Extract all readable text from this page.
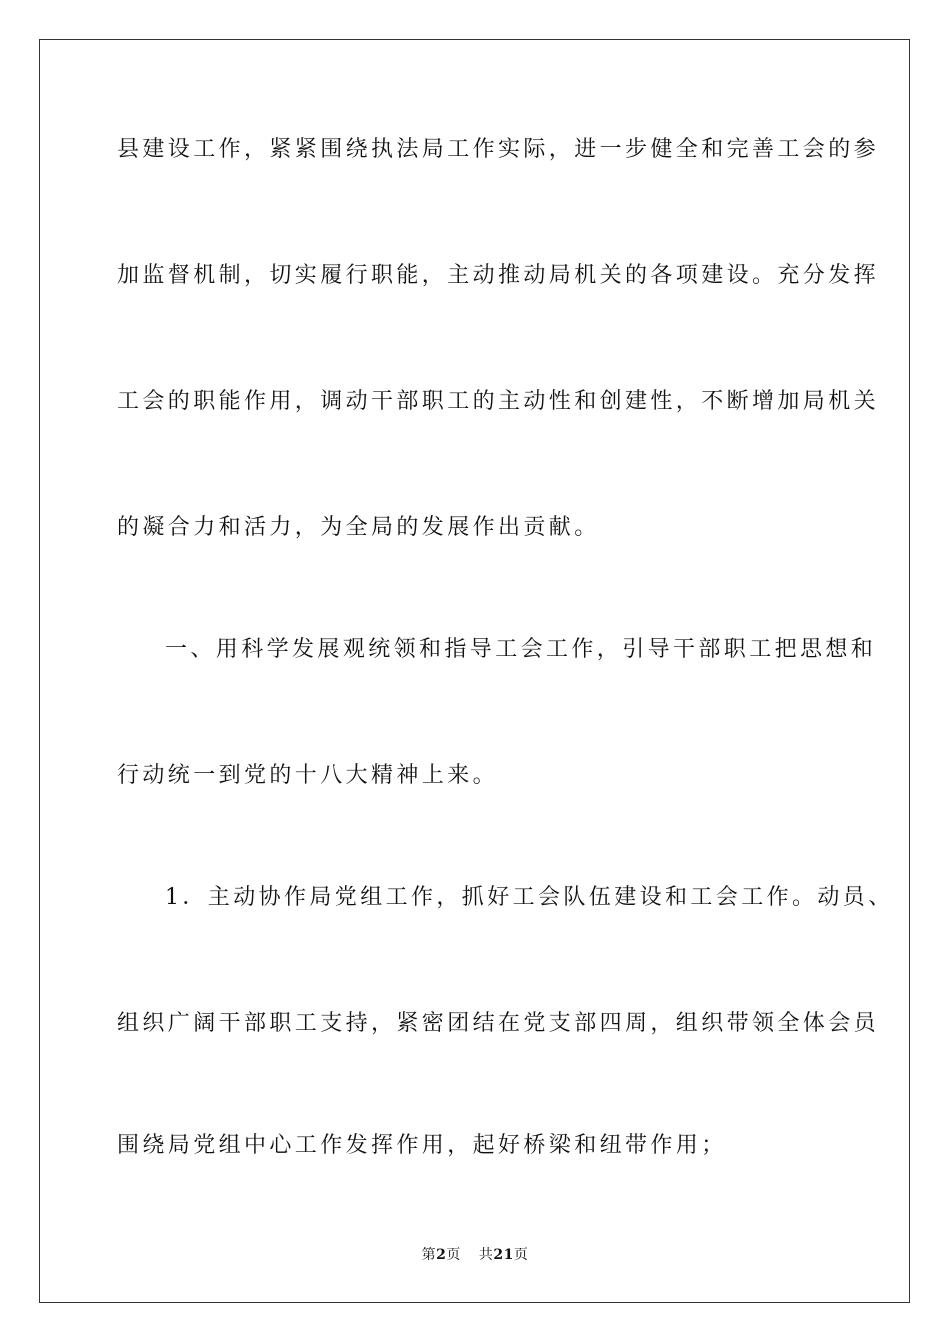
县建设工作，紧紧围绕执法局工作实际，进一步健全和完善工会的参
加监督机制，切实履行职能，主动推动局机关的各项建设。充分发挥
工会的职能作用，调动干部职工的主动性和创建性，不断增加局机关
的凝合力和活力，为全局的发展作出贡献。
一、用科学发展观统领和指导工会工作，引导干部职工把思想和
行动统一到党的十八大精神上来。
1．主动协作局党组工作，抓好工会队伍建设和工会工作。动员、
组织广阔干部职工支持，紧密团结在党支部四周，组织带领全体会员
围绕局党组中心工作发挥作用，起好桥梁和纽带作用；
第2页 共21页
